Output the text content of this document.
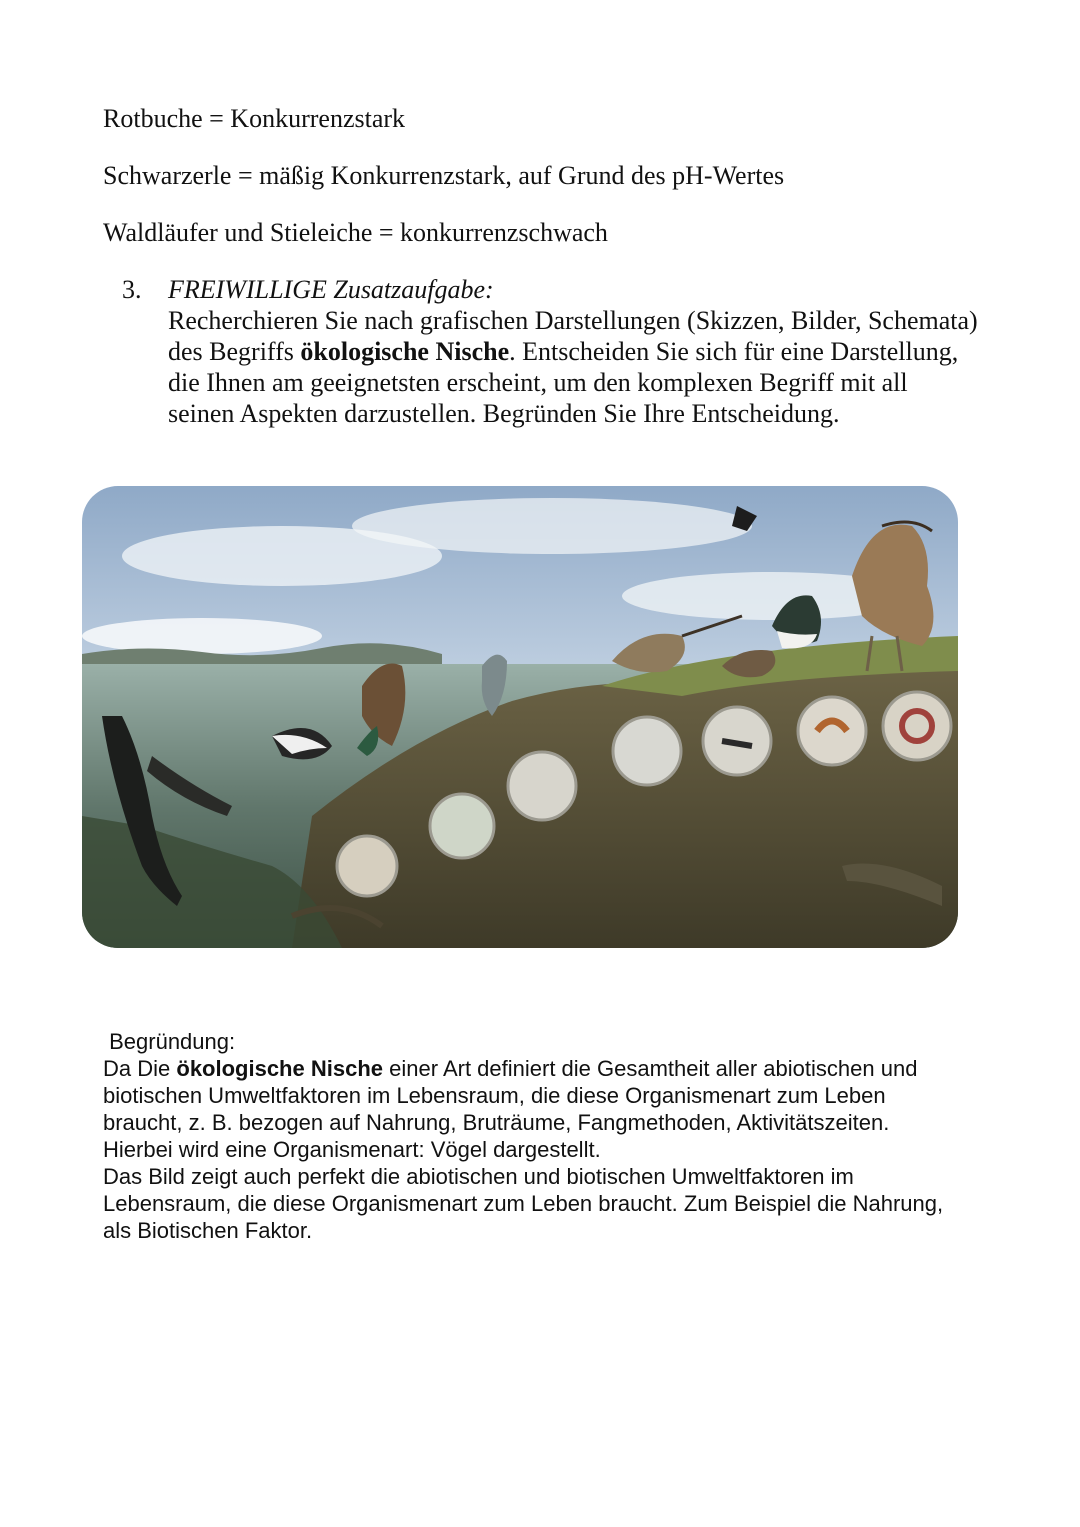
Rotbuche = Konkurrenzstark
Schwarzerle = mäßig Konkurrenzstark, auf Grund des pH-Wertes
Waldläufer und Stieleiche = konkurrenzschwach
3. FREIWILLIGE Zusatzaufgabe:
Recherchieren Sie nach grafischen Darstellungen (Skizzen, Bilder, Schemata) des Begriffs ökologische Nische. Entscheiden Sie sich für eine Darstellung, die Ihnen am geeignetsten erscheint, um den komplexen Begriff mit all seinen Aspekten darzustellen. Begründen Sie Ihre Entscheidung.

Begründung:

Da Die ökologische Nische einer Art definiert die Gesamtheit aller abiotischen und biotischen Umweltfaktoren im Lebensraum, die diese Organismenart zum Leben braucht, z. B. bezogen auf Nahrung, Bruträume, Fangmethoden, Aktivitätszeiten.

Hierbei wird eine Organismenart: Vögel dargestellt.

Das Bild zeigt auch perfekt die abiotischen und biotischen Umweltfaktoren im Lebensraum, die diese Organismenart zum Leben braucht. Zum Beispiel die Nahrung, als Biotischen Faktor.
